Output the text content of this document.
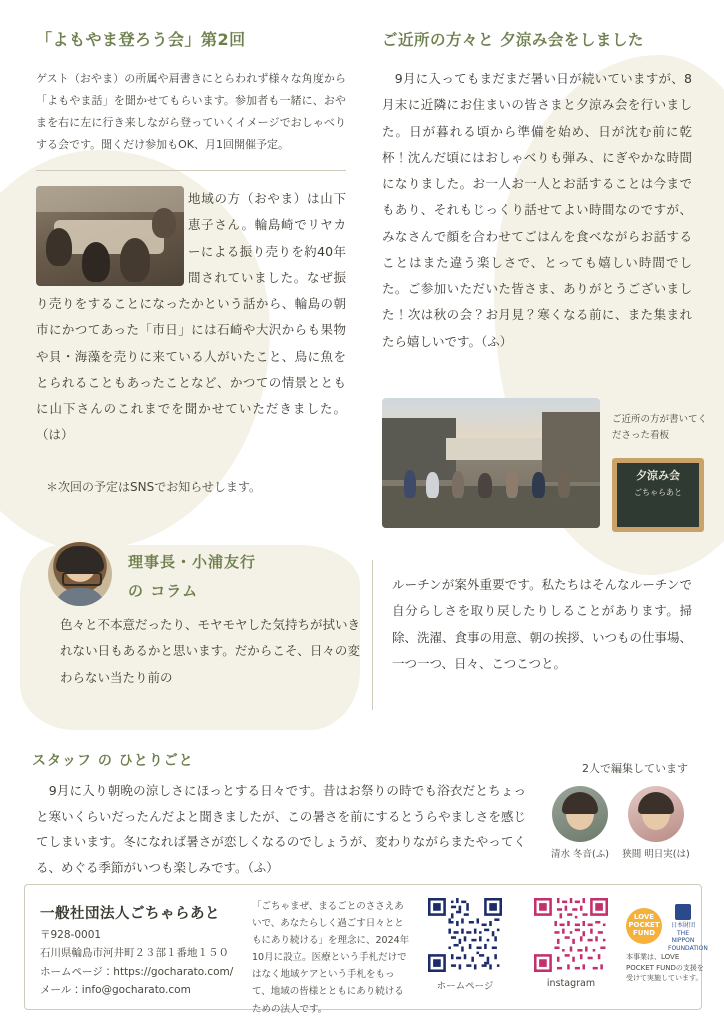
「よもやま登ろう会」第2回
ゲスト（おやま）の所属や肩書きにとらわれず様々な角度から「よもやま話」を聞かせてもらいます。参加者も一緒に、おやまを右に左に行き来しながら登っていくイメージでおしゃべりする会です。聞くだけ参加もOK、月1回開催予定。
地域の方（おやま）は山下恵子さん。輪島崎でリヤカーによる振り売りを約40年間されていました。なぜ振り売りをすることになったかという話から、輪島の朝市にかつてあった「市日」には石崎や大沢からも果物や貝・海藻を売りに来ている人がいたこと、鳥に魚をとられることもあったことなど、かつての情景とともに山下さんのこれまでを聞かせていただきました。（は）
＊次回の予定はSNSでお知らせします。
ご近所の方々と 夕涼み会をしました
　9月に入ってもまだまだ暑い日が続いていますが、8月末に近隣にお住まいの皆さまと夕涼み会を行いました。日が暮れる頃から準備を始め、日が沈む前に乾杯！沈んだ頃にはおしゃべりも弾み、にぎやかな時間になりました。お一人お一人とお話することは今までもあり、それもじっくり話せてよい時間なのですが、みなさんで顔を合わせてごはんを食べながらお話することはまた違う楽しさで、とっても嬉しい時間でした。ご参加いただいた皆さま、ありがとうございました！次は秋の会？お月見？寒くなる前に、また集まれたら嬉しいです。（ふ）
ご近所の方が書いてくださった看板
夕涼み会
ごちゃらあと
理事長・小浦友行
の コラム
色々と不本意だったり、モヤモヤした気持ちが拭いきれない日もあるかと思います。だからこそ、日々の変わらない当たり前の
ルーチンが案外重要です。私たちはそんなルーチンで自分らしさを取り戻したりしることがあります。掃除、洗濯、食事の用意、朝の挨拶、いつもの仕事場、一つ一つ、日々、こつこつと。
スタッフ の ひとりごと
　9月に入り朝晩の涼しさにほっとする日々です。昔はお祭りの時でも浴衣だとちょっと寒いくらいだったんだよと聞きましたが、この暑さを前にするとうらやましさを感じてしまいます。冬になれば暑さが恋しくなるのでしょうが、変わりながらまたやってくる、めぐる季節がいつも楽しみです。（ふ）
2人で編集しています
清水 冬音(ふ)	狭間 明日実(は)
一般社団法人ごちゃらあと
〒928-0001
石川県輪島市河井町２３部１番地１５０
ホームページ：https://gocharato.com/
メール：info@gocharato.com
「ごちゃまぜ、まるごとのささえあいで、あなたらしく過ごす日々とともにあり続ける」を理念に、2024年10月に設立。医療という手札だけではなく地域ケアという手札をもって、地域の皆様とともにあり続けるための法人です。
ホームページ	instagram
LOVE POCKET FUND
日本財団 THE NIPPON FOUNDATION
本事業は、LOVE POCKET FUNDの支援を受けて実施しています。
